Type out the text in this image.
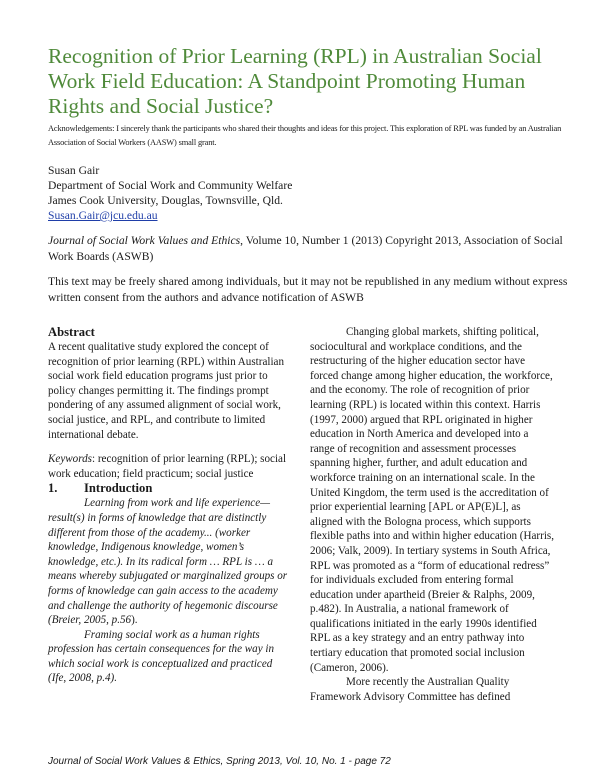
Recognition of Prior Learning (RPL) in Australian Social Work Field Education: A Standpoint Promoting Human Rights and Social Justice?
Acknowledgements: I sincerely thank the participants who shared their thoughts and ideas for this project. This exploration of RPL was funded by an Australian Association of Social Workers (AASW) small grant.
Susan Gair
Department of Social Work and Community Welfare
James Cook University, Douglas, Townsville, Qld.
Susan.Gair@jcu.edu.au
Journal of Social Work Values and Ethics, Volume 10, Number 1 (2013) Copyright 2013, Association of Social Work Boards (ASWB)
This text may be freely shared among individuals, but it may not be republished in any medium without express written consent from the authors and advance notification of ASWB

Abstract

A recent qualitative study explored the concept of recognition of prior learning (RPL) within Australian social work field education programs just prior to policy changes permitting it. The findings prompt pondering of any assumed alignment of social work, social justice, and RPL, and contribute to limited international debate.

Keywords: recognition of prior learning (RPL); social work education; field practicum; social justice

1. Introduction

Learning from work and life experience— result(s) in forms of knowledge that are distinctly different from those of the academy... (worker knowledge, Indigenous knowledge, women’s knowledge, etc.). In its radical form … RPL is … a means whereby subjugated or marginalized groups or forms of knowledge can gain access to the academy and challenge the authority of hegemonic discourse (Breier, 2005, p.56).

Framing social work as a human rights profession has certain consequences for the way in which social work is conceptualized and practiced (Ife, 2008, p.4).

Changing global markets, shifting political, sociocultural and workplace conditions, and the restructuring of the higher education sector have forced change among higher education, the workforce, and the economy. The role of recognition of prior learning (RPL) is located within this context. Harris (1997, 2000) argued that RPL originated in higher education in North America and developed into a range of recognition and assessment processes spanning higher, further, and adult education and workforce training on an international scale. In the United Kingdom, the term used is the accreditation of prior experiential learning [APL or AP(E)L], as aligned with the Bologna process, which supports flexible paths into and within higher education (Harris, 2006; Valk, 2009). In tertiary systems in South Africa, RPL was promoted as a “form of educational redress” for individuals excluded from entering formal education under apartheid (Breier & Ralphs, 2009, p.482). In Australia, a national framework of qualifications initiated in the early 1990s identified RPL as a key strategy and an entry pathway into tertiary education that promoted social inclusion (Cameron, 2006).

More recently the Australian Quality Framework Advisory Committee has defined

Journal of Social Work Values & Ethics, Spring 2013, Vol. 10, No. 1 - page 72
